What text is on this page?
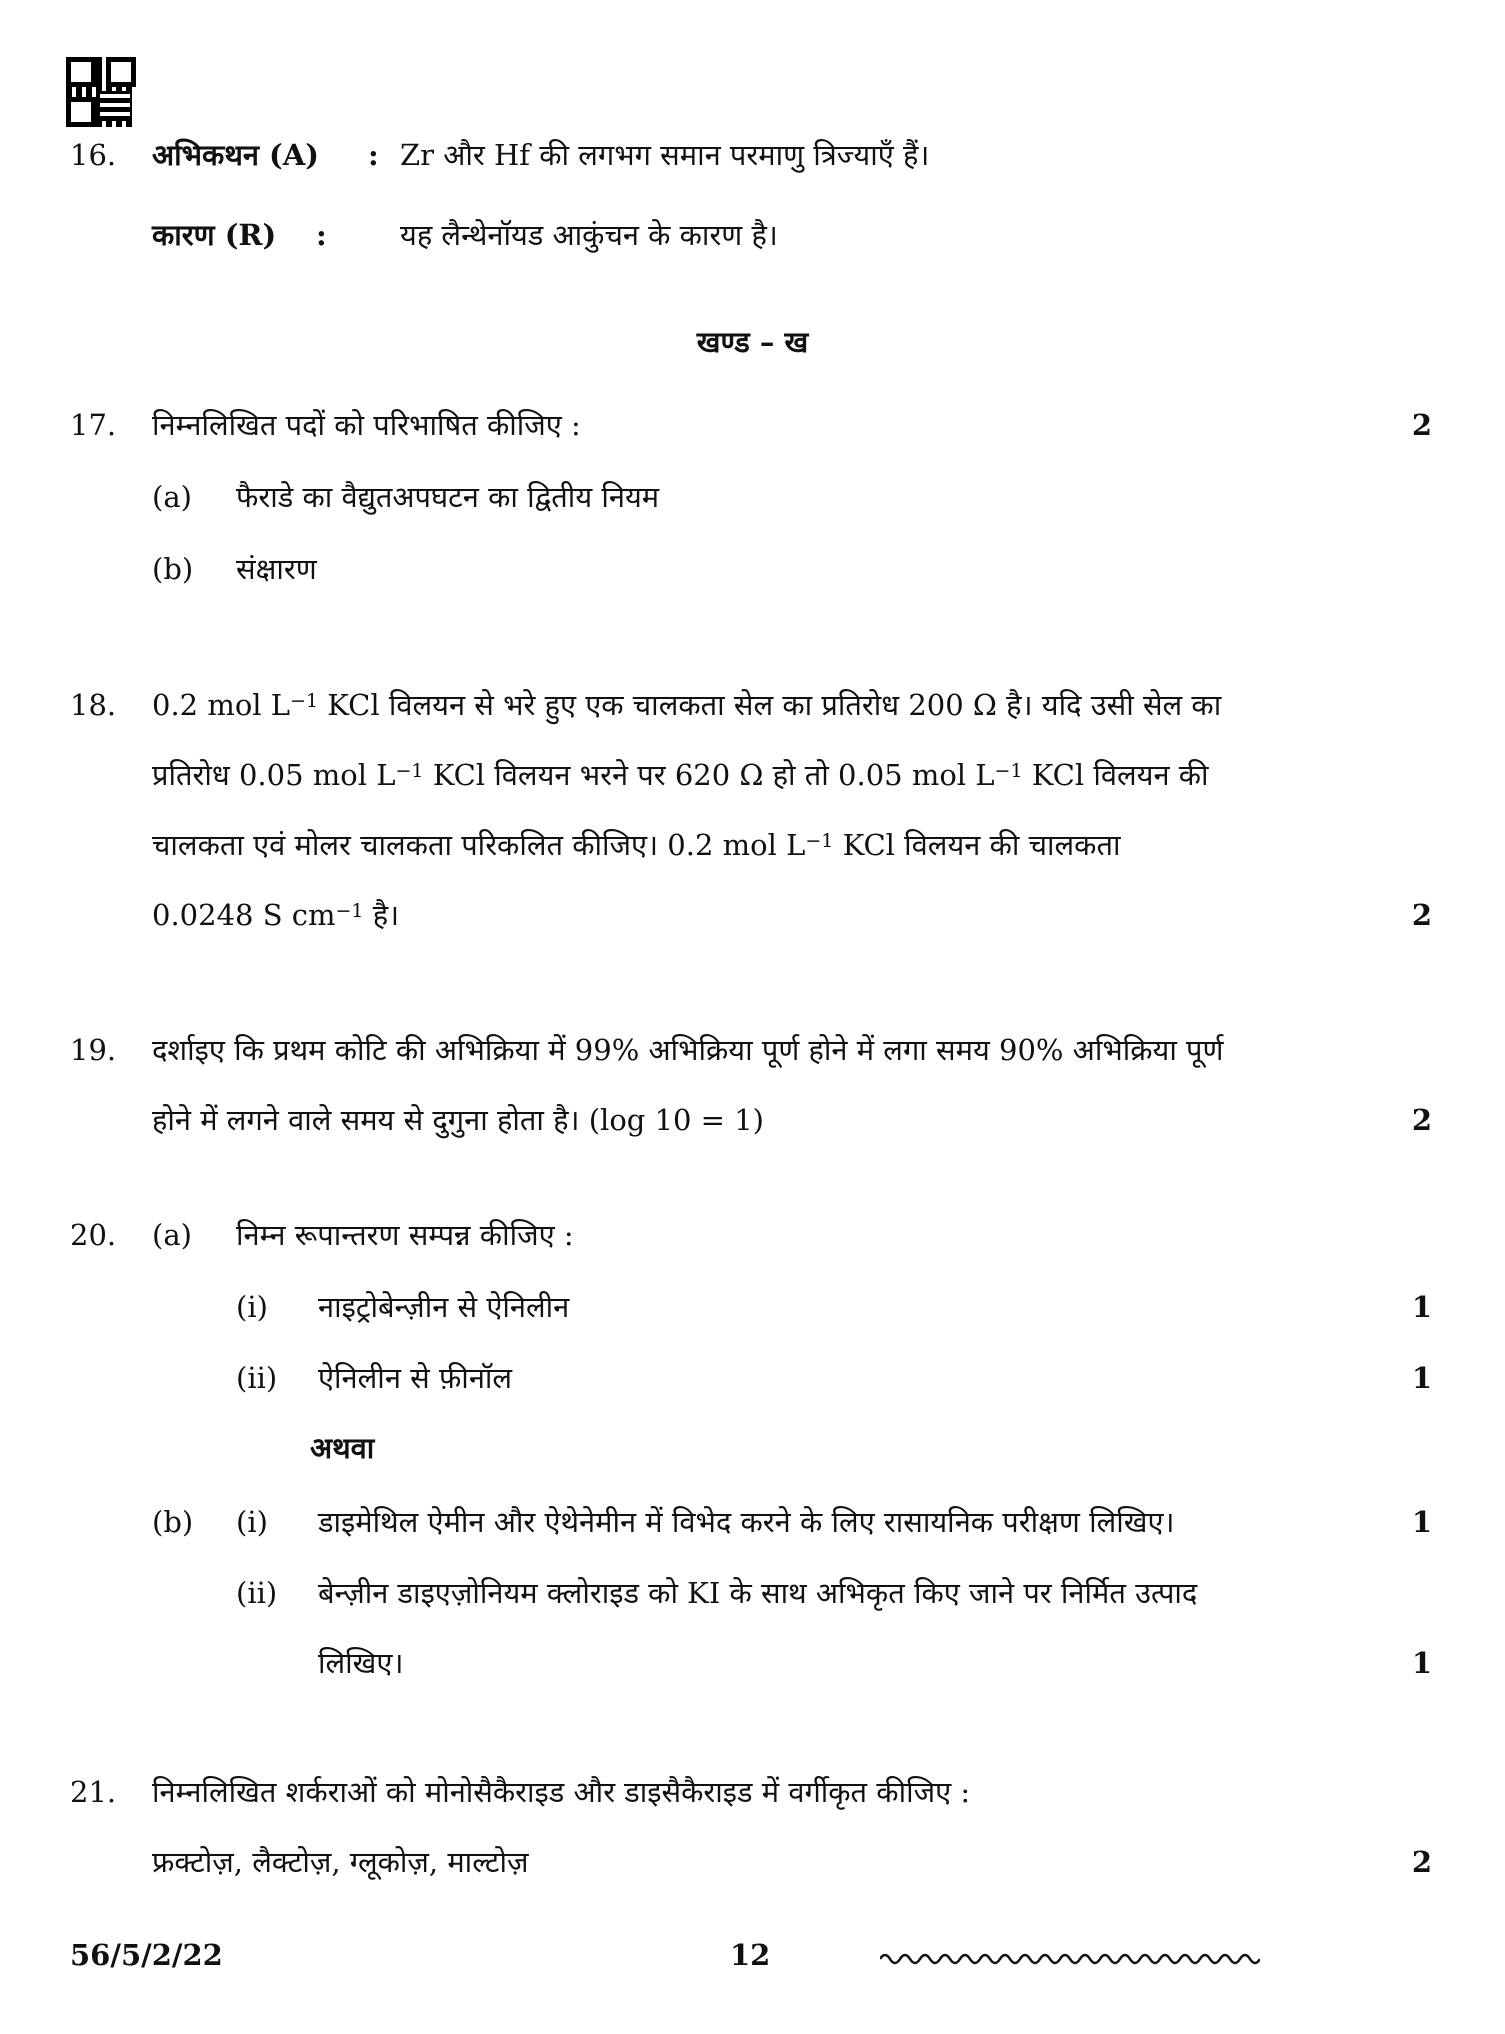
16. अभिकथन (A) : Zr और Hf की लगभग समान परमाणु त्रिज्याएँ हैं।
कारण (R) :	यह लैन्थेनॉयड आकुंचन के कारण है।
खण्ड – ख
17. निम्नलिखित पदों को परिभाषित कीजिए :	2
(a) फैराडे का वैद्युतअपघटन का द्वितीय नियम
(b) संक्षारण
18. 0.2 mol $L^{-1}$ KCl विलयन से भरे हुए एक चालकता सेल का प्रतिरोध 200 Ω है। यदि उसी सेल का
प्रतिरोध 0.05 mol $L^{-1}$ KCl विलयन भरने पर 620 Ω हो तो 0.05 mol $L^{-1}$ KCl विलयन की
चालकता एवं मोलर चालकता परिकलित कीजिए। 0.2 mol $L^{-1}$ KCl विलयन की चालकता
0.0248 S $cm^{-1}$ है।	2
19. दर्शाइए कि प्रथम कोटि की अभिक्रिया में 99% अभिक्रिया पूर्ण होने में लगा समय 90% अभिक्रिया पूर्ण
होने में लगने वाले समय से दुगुना होता है। (log 10 = 1)	2
20. (a) निम्न रूपान्तरण सम्पन्न कीजिए :
(i) नाइट्रोबेन्ज़ीन से ऐनिलीन	1
(ii) ऐनिलीन से फ़ीनॉल	1
अथवा
(b) (i) डाइमेथिल ऐमीन और ऐथेनेमीन में विभेद करने के लिए रासायनिक परीक्षण लिखिए।	1
(ii) बेन्ज़ीन डाइएज़ोनियम क्लोराइड को KI के साथ अभिकृत किए जाने पर निर्मित उत्पाद
लिखिए।	1
21. निम्नलिखित शर्कराओं को मोनोसैकैराइड और डाइसैकैराइड में वर्गीकृत कीजिए :
फ्रक्टोज़, लैक्टोज़, ग्लूकोज़, माल्टोज़	2
56/5/2/22	12
